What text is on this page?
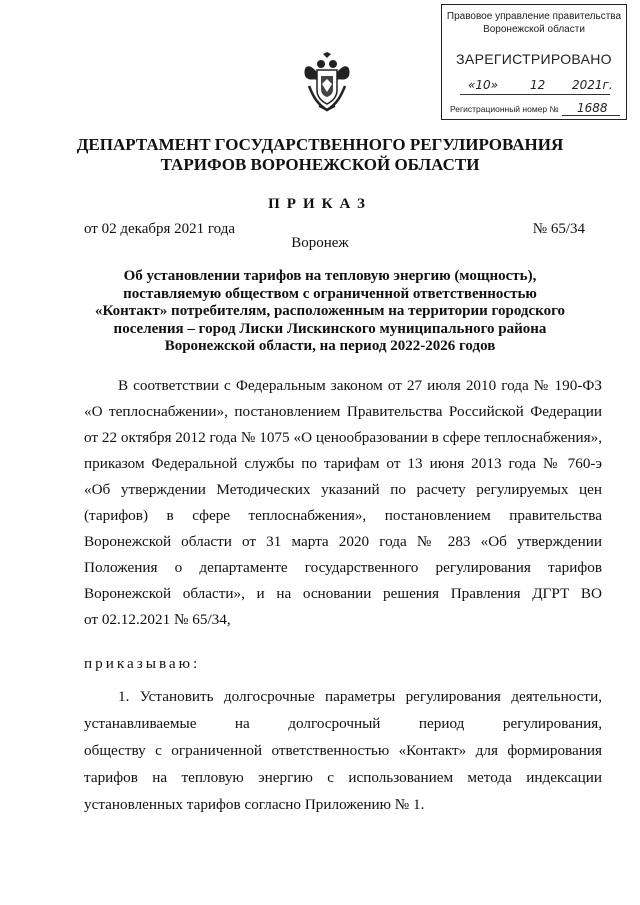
Правовое управление правительства
Воронежской области
ЗАРЕГИСТРИРОВАНО
«10»	12 2021г.
Регистрационный номер № 1688
ДЕПАРТАМЕНТ ГОСУДАРСТВЕННОГО РЕГУЛИРОВАНИЯ
ТАРИФОВ ВОРОНЕЖСКОЙ ОБЛАСТИ
ПРИКАЗ
от 02 декабря 2021 года	№ 65/34
Воронеж
Об установлении тарифов на тепловую энергию (мощность),
поставляемую обществом с ограниченной ответственностью
«Контакт» потребителям, расположенным на территории городского
поселения – город Лиски Лискинского муниципального района
Воронежской области, на период 2022-2026 годов
В соответствии с Федеральным законом от 27 июля 2010 года № 190-ФЗ
«О теплоснабжении», постановлением Правительства Российской Федерации
от 22 октября 2012 года № 1075 «О ценообразовании в сфере теплоснабжения»,
приказом Федеральной службы по тарифам от 13 июня 2013 года № 760-э
«Об утверждении Методических указаний по расчету регулируемых цен
(тарифов) в сфере теплоснабжения», постановлением правительства
Воронежской области от 31 марта 2020 года № 283 «Об утверждении
Положения о департаменте государственного регулирования тарифов
Воронежской области», и на основании решения Правления ДГРТ ВО
от 02.12.2021 № 65/34,
приказываю:
1. Установить долгосрочные параметры регулирования деятельности,
устанавливаемые на долгосрочный период регулирования,
обществу с ограниченной ответственностью «Контакт» для формирования
тарифов на тепловую энергию с использованием метода индексации
установленных тарифов согласно Приложению № 1.
